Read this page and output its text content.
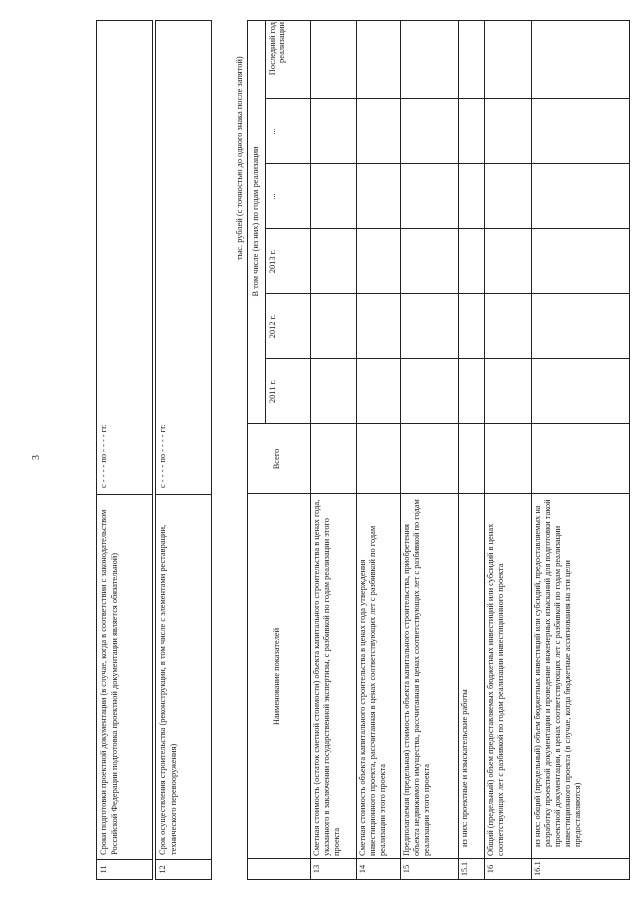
3
11
Сроки подготовки проектной документации (в случае, когда в соответствии с законодательством Российской Федерации подготовка проектной документации является обязательной)
с - - - - по - - - - гг.
12
Срок осуществления строительства (реконструкции, в том числе с элементами реставрации, технического перевооружения)
с - - - - по - - - - гг.
тыс. рублей (с точностью до одного знака после запятой)
Наименование показателей
Всего
В том числе (из них) по годам реализации
2011 г.
2012 г.
2013 г.
...
...
Последний год реализации
13
Сметная стоимость (остаток сметной стоимости) объекта капитального строительства в ценах года, указанного в заключении государственной экспертизы, с разбивкой по годам реализации этого проекта
14
Сметная стоимость объекта капитального строительства в ценах года утверждения инвестиционного проекта, рассчитанная в ценах соответствующих лет с разбивкой по годам реализации этого проекта
15
Предполагаемая (предельная) стоимость объекта капитального строительства, приобретения объекта недвижимого имущества, рассчитанная в ценах соответствующих лет с разбивкой по годам реализации этого проекта
15.1
из них: проектные и изыскательские работы
16
Общий (предельный) объем предоставляемых бюджетных инвестиций или субсидий в ценах соответствующих лет с разбивкой по годам реализации инвестиционного проекта
16.1
из них: общий (предельный) объем бюджетных инвестиций или субсидий, предоставляемых на разработку проектной документации и проведение инженерных изысканий для подготовки такой проектной документации, в ценах соответствующих лет с разбивкой по годам реализации инвестиционного проекта (в случае, когда бюджетные ассигнования на эти цели предоставляются)
